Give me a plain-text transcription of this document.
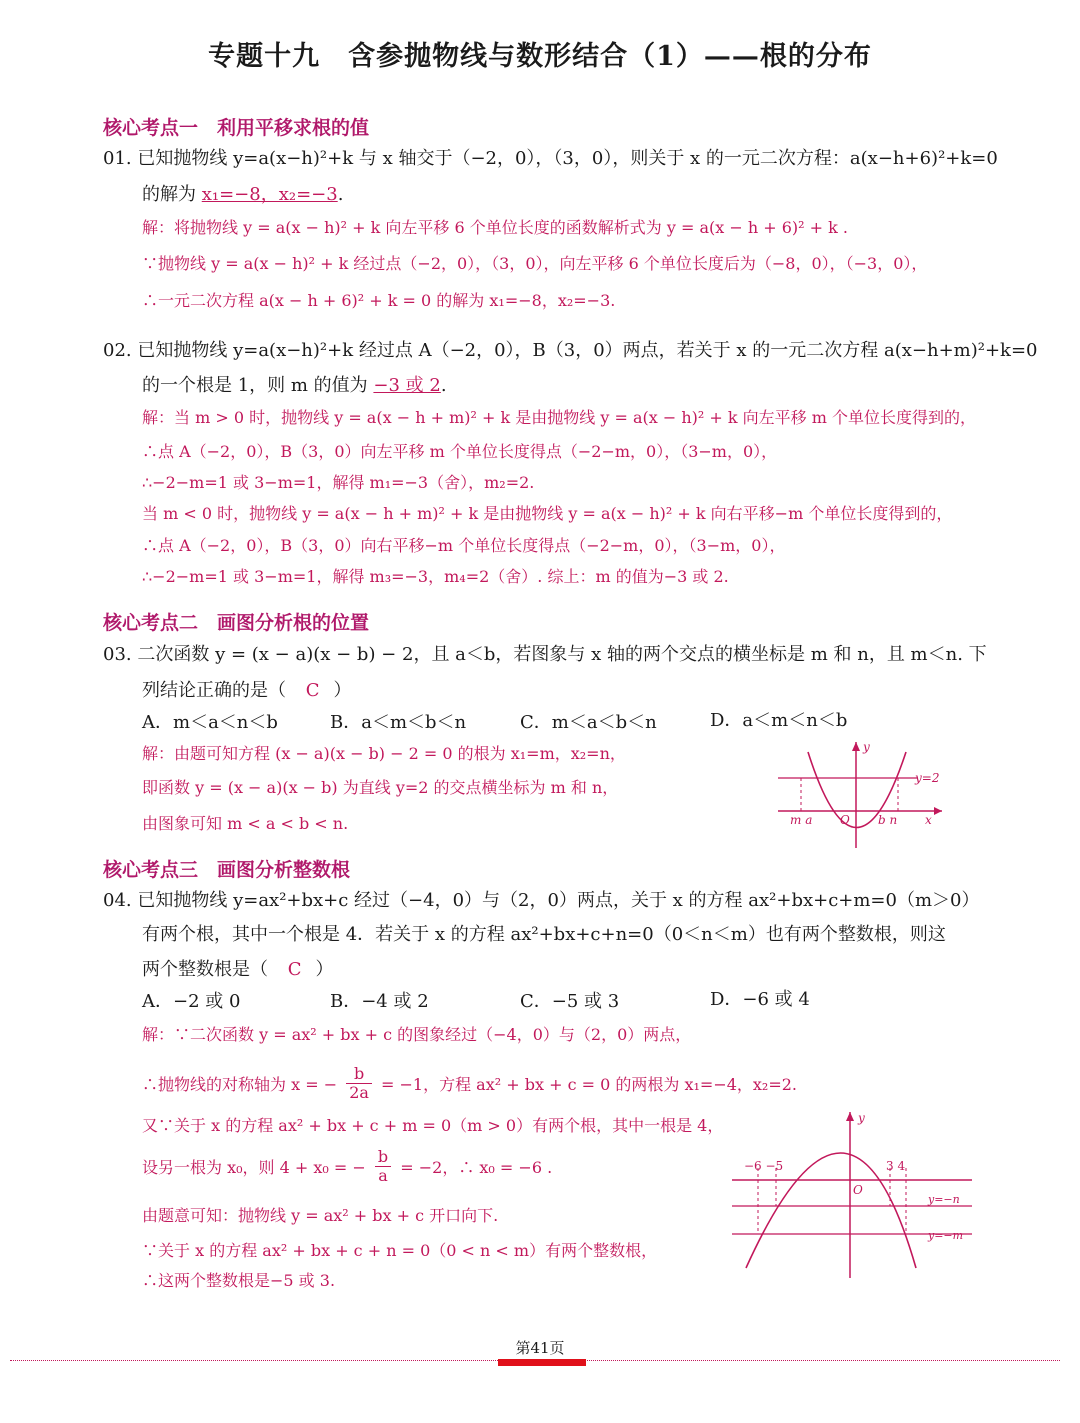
专题十九　含参抛物线与数形结合（1）——根的分布
核心考点一　利用平移求根的值
01. 已知抛物线 y=a(x−h)²+k 与 x 轴交于（−2，0），（3，0），则关于 x 的一元二次方程：a(x−h+6)²+k=0
的解为 x₁=−8，x₂=−3.
解：将抛物线 y = a(x − h)² + k 向左平移 6 个单位长度的函数解析式为 y = a(x − h + 6)² + k .
∵抛物线 y = a(x − h)² + k 经过点（−2，0），（3，0），向左平移 6 个单位长度后为（−8，0），（−3，0），
∴一元二次方程 a(x − h + 6)² + k = 0 的解为 x₁=−8，x₂=−3.
02. 已知抛物线 y=a(x−h)²+k 经过点 A（−2，0），B（3，0）两点，若关于 x 的一元二次方程 a(x−h+m)²+k=0
的一个根是 1，则 m 的值为 −3 或 2.
解：当 m > 0 时，抛物线 y = a(x − h + m)² + k 是由抛物线 y = a(x − h)² + k 向左平移 m 个单位长度得到的，
∴点 A（−2，0），B（3，0）向左平移 m 个单位长度得点（−2−m，0），（3−m，0），
∴−2−m=1 或 3−m=1，解得 m₁=−3（舍），m₂=2.
当 m < 0 时，抛物线 y = a(x − h + m)² + k 是由抛物线 y = a(x − h)² + k 向右平移−m 个单位长度得到的，
∴点 A（−2，0），B（3，0）向右平移−m 个单位长度得点（−2−m，0），（3−m，0），
∴−2−m=1 或 3−m=1，解得 m₃=−3，m₄=2（舍）. 综上：m 的值为−3 或 2.
核心考点二　画图分析根的位置
03. 二次函数 y = (x − a)(x − b) − 2，且 a＜b，若图象与 x 轴的两个交点的横坐标是 m 和 n，且 m＜n. 下
列结论正确的是（ C ）
A．m＜a＜n＜b	B．a＜m＜b＜n	C．m＜a＜b＜n	D．a＜m＜n＜b
解：由题可知方程 (x − a)(x − b) − 2 = 0 的根为 x₁=m，x₂=n，
即函数 y = (x − a)(x − b) 为直线 y=2 的交点横坐标为 m 和 n，
由图象可知 m < a < b < n.
y
y=2
m a O b n x
核心考点三　画图分析整数根
04. 已知抛物线 y=ax²+bx+c 经过（−4，0）与（2，0）两点，关于 x 的方程 ax²+bx+c+m=0（m＞0）
有两个根，其中一个根是 4．若关于 x 的方程 ax²+bx+c+n=0（0＜n＜m）也有两个整数根，则这
两个整数根是（ C ）
A．−2 或 0	B．−4 或 2	C．−5 或 3	D．−6 或 4
解：∵二次函数 y = ax² + bx + c 的图象经过（−4，0）与（2，0）两点，
∴抛物线的对称轴为 x = − $\frac{b}{2a} = -1$，方程 ax² + bx + c = 0 的两根为 x₁=−4，x₂=2.
又∵关于 x 的方程 ax² + bx + c + m = 0（m > 0）有两个根，其中一根是 4，
设另一根为 x₀，则 4 + x₀ = − $\frac{b}{a} = -2$，∴ x₀ = −6 .
由题意可知：抛物线 y = ax² + bx + c 开口向下.
∵关于 x 的方程 ax² + bx + c + n = 0（0 < n < m）有两个整数根，
∴这两个整数根是−5 或 3.
y
−6 −5	3 4
O
y=−n
y=−m
第41页
